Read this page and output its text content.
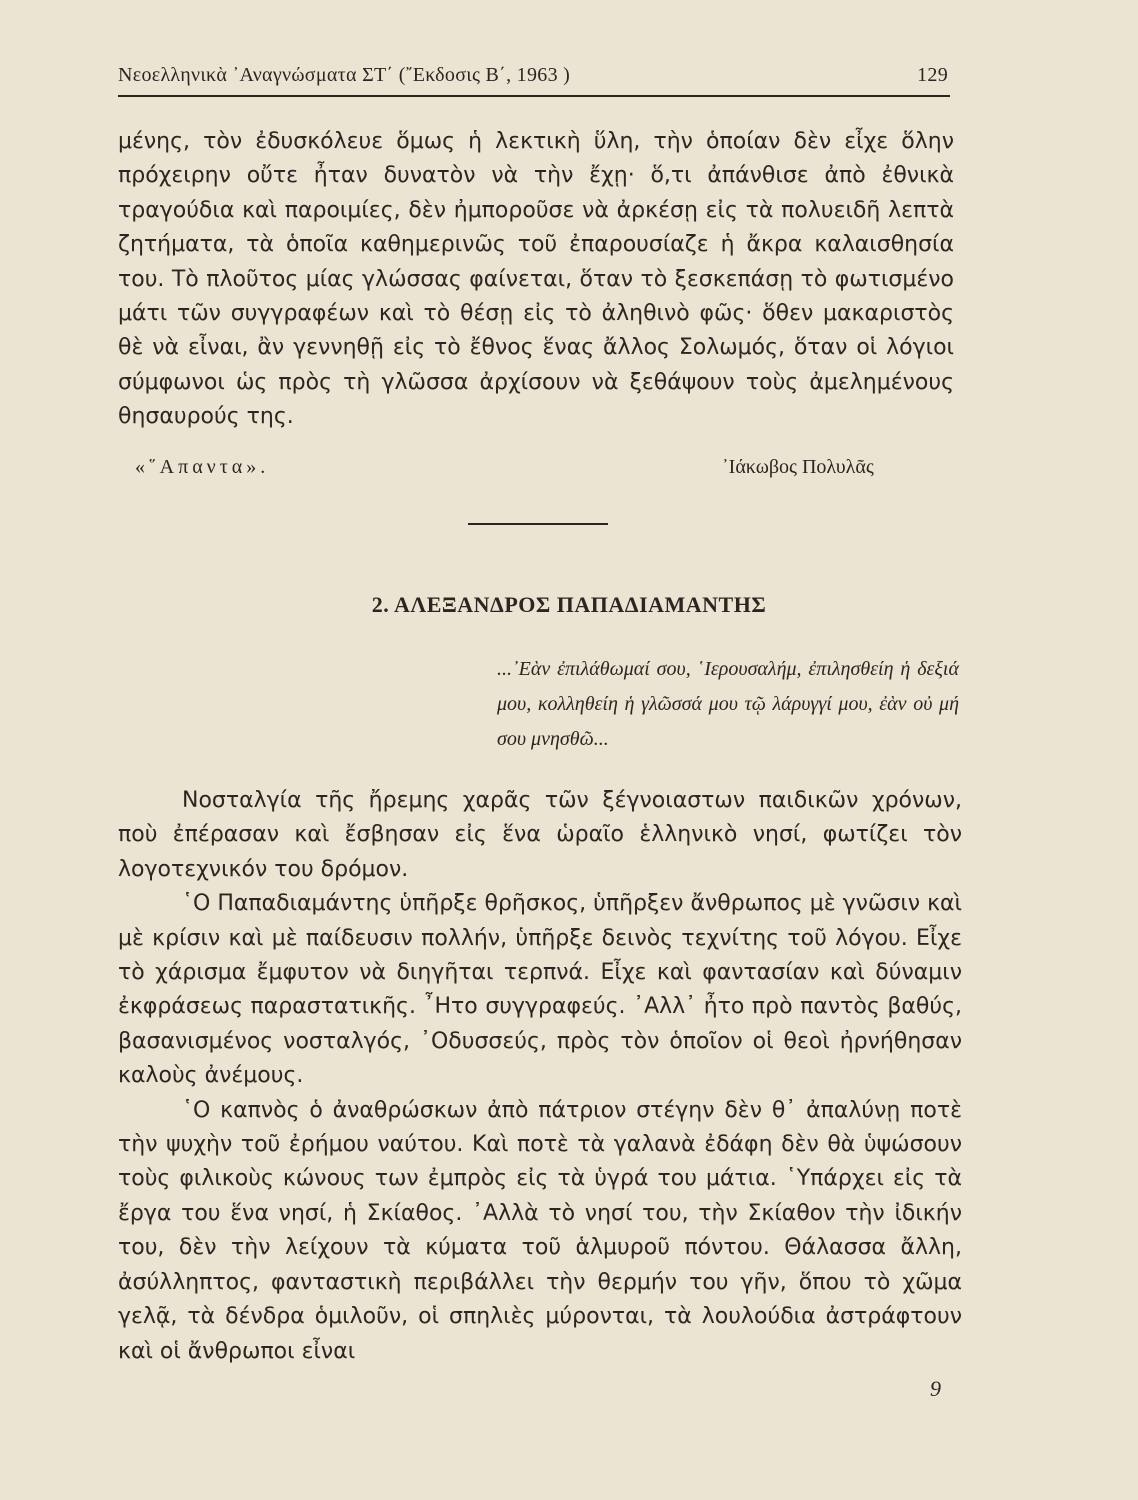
Νεοελληνικὰ ᾿Αναγνώσματα ΣΤ΄ (῎Εκδοσις Β΄, 1963 )	129

μένης, τὸν ἐδυσκόλευε ὅμως ἡ λεκτικὴ ὕλη, τὴν ὁποίαν δὲν εἶχε ὅλην πρόχειρην οὔτε ἦταν δυνατὸν νὰ τὴν ἔχῃ· ὅ,τι ἀπάνθισε ἀπὸ ἐθνικὰ τραγούδια καὶ παροιμίες, δὲν ἠμποροῦσε νὰ ἀρκέσῃ εἰς τὰ πολυειδῆ λεπτὰ ζητήματα, τὰ ὁποῖα καθημερινῶς τοῦ ἐπαρουσίαζε ἡ ἄκρα καλαισθησία του. Τὸ πλοῦτος μίας γλώσσας φαίνεται, ὅταν τὸ ξεσκεπάσῃ τὸ φωτισμένο μάτι τῶν συγγραφέων καὶ τὸ θέσῃ εἰς τὸ ἀληθινὸ φῶς· ὅθεν μακαριστὸς θὲ νὰ εἶναι, ἂν γεννηθῇ εἰς τὸ ἔθνος ἕνας ἄλλος Σολωμός, ὅταν οἱ λόγιοι σύμφωνοι ὡς πρὸς τὴ γλῶσσα ἀρχίσουν νὰ ξεθάψουν τοὺς ἀμελημένους θησαυρούς της.

«῞Απαντα».	᾿Ιάκωβος Πολυλᾶς
2. ΑΛΕΞΑΝΔΡΟΣ ΠΑΠΑΔΙΑΜΑΝΤΗΣ

...᾿Εὰν ἐπιλάθωμαί σου, ῾Ιερουσαλήμ, ἐπιλησθείη ἡ δεξιά μου, κολληθείη ἡ γλῶσσά μου τῷ λάρυγγί μου, ἐὰν οὐ μή σου μνησθῶ...

Νοσταλγία τῆς ἤρεμης χαρᾶς τῶν ξέγνοιαστων παιδικῶν χρόνων, ποὺ ἐπέρασαν καὶ ἔσβησαν εἰς ἕνα ὡραῖο ἑλληνικὸ νησί, φωτίζει τὸν λογοτεχνικόν του δρόμον.

῾Ο Παπαδιαμάντης ὑπῆρξε θρῆσκος, ὑπῆρξεν ἄνθρωπος μὲ γνῶσιν καὶ μὲ κρίσιν καὶ μὲ παίδευσιν πολλήν, ὑπῆρξε δεινὸς τεχνίτης τοῦ λόγου. Εἶχε τὸ χάρισμα ἔμφυτον νὰ διηγῆται τερπνά. Εἶχε καὶ φαντασίαν καὶ δύναμιν ἐκφράσεως παραστατικῆς. ῏Ητο συγγραφεύς. ᾿Αλλ᾿ ἦτο πρὸ παντὸς βαθύς, βασανισμένος νοσταλγός, ᾿Οδυσσεύς, πρὸς τὸν ὁποῖον οἱ θεοὶ ἠρνήθησαν καλοὺς ἀνέμους.

῾Ο καπνὸς ὁ ἀναθρώσκων ἀπὸ πάτριον στέγην δὲν θ᾿ ἀπαλύνῃ ποτὲ τὴν ψυχὴν τοῦ ἐρήμου ναύτου. Καὶ ποτὲ τὰ γαλανὰ ἐδάφη δὲν θὰ ὑψώσουν τοὺς φιλικοὺς κώνους των ἐμπρὸς εἰς τὰ ὑγρά του μάτια. ῾Υπάρχει εἰς τὰ ἔργα του ἕνα νησί, ἡ Σκίαθος. ᾿Αλλὰ τὸ νησί του, τὴν Σκίαθον τὴν ἰδικήν του, δὲν τὴν λείχουν τὰ κύματα τοῦ ἁλμυροῦ πόντου. Θάλασσα ἄλλη, ἀσύλληπτος, φανταστικὴ περιβάλλει τὴν θερμήν του γῆν, ὅπου τὸ χῶμα γελᾷ, τὰ δένδρα ὁμιλοῦν, οἱ σπηλιὲς μύρονται, τὰ λουλούδια ἀστράφτουν καὶ οἱ ἄνθρωποι εἶναι

9
